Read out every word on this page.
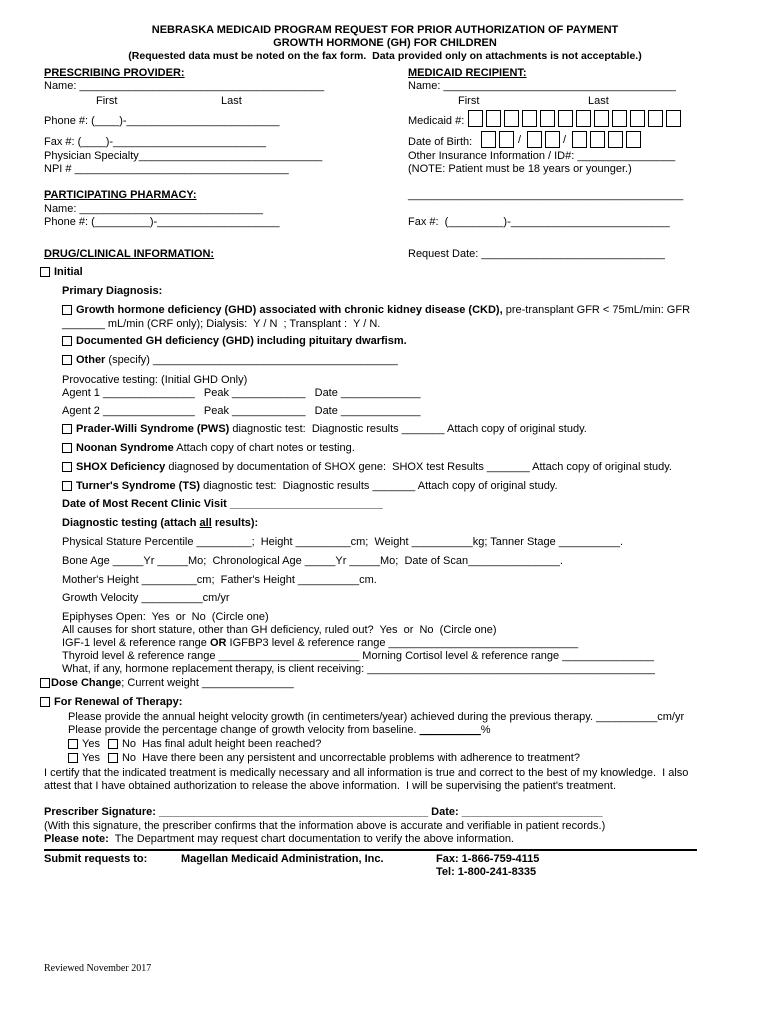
NEBRASKA MEDICAID PROGRAM REQUEST FOR PRIOR AUTHORIZATION OF PAYMENT
GROWTH HORMONE (GH) FOR CHILDREN
(Requested data must be noted on the fax form.  Data provided only on attachments is not acceptable.)
PRESCRIBING PROVIDER:
Name: ________________________________________
First	Last
Phone #: (____)-_________________________
Fax #: (____)-_________________________
Physician Specialty______________________________
NPI # ___________________________________
MEDICAID RECIPIENT:
Name: ______________________________________
First	Last
Medicaid #:
Date of Birth:	/	/
Other Insurance Information / ID#: ________________
(NOTE: Patient must be 18 years or younger.)
PARTICIPATING PHARMACY:	_____________________________________________
Name: ______________________________
Phone #: (_________)-____________________	Fax #:  (_________)-__________________________
DRUG/CLINICAL INFORMATION:	Request Date: ______________________________
Initial
Primary Diagnosis:
Growth hormone deficiency (GHD) associated with chronic kidney disease (CKD), pre-transplant GFR < 75mL/min: GFR
_______ mL/min (CRF only); Dialysis:  Y / N  ; Transplant :  Y / N.
Documented GH deficiency (GHD) including pituitary dwarfism.
Other (specify) ________________________________________
Provocative testing: (Initial GHD Only)
Agent 1 _______________   Peak ____________   Date _____________
Agent 2 _______________   Peak ____________   Date _____________
Prader-Willi Syndrome (PWS) diagnostic test:  Diagnostic results _______ Attach copy of original study.
Noonan Syndrome Attach copy of chart notes or testing.
SHOX Deficiency diagnosed by documentation of SHOX gene:  SHOX test Results _______ Attach copy of original study.
Turner's Syndrome (TS) diagnostic test:  Diagnostic results _______ Attach copy of original study.
Date of Most Recent Clinic Visit _________________________
Diagnostic testing (attach all results):
Physical Stature Percentile _________;  Height _________cm;  Weight __________kg; Tanner Stage __________.
Bone Age _____Yr _____Mo;  Chronological Age _____Yr _____Mo;  Date of Scan_______________.
Mother's Height _________cm;  Father's Height __________cm.
Growth Velocity __________cm/yr
Epiphyses Open:  Yes  or  No  (Circle one)
All causes for short stature, other than GH deficiency, ruled out?  Yes  or  No  (Circle one)
IGF-1 level & reference range OR IGFBP3 level & reference range _______________________________
Thyroid level & reference range _______________________ Morning Cortisol level & reference range _______________
What, if any, hormone replacement therapy, is client receiving: _______________________________________________
Dose Change; Current weight _______________
For Renewal of Therapy:
Please provide the annual height velocity growth (in centimeters/year) achieved during the previous therapy. __________cm/yr
Please provide the percentage change of growth velocity from baseline. __________%
Yes No  Has final adult height been reached?
Yes No  Have there been any persistent and uncorrectable problems with adherence to treatment?
I certify that the indicated treatment is medically necessary and all information is true and correct to the best of my knowledge.  I also
attest that I have obtained authorization to release the above information.  I will be supervising the patient's treatment.
Prescriber Signature: ____________________________________________ Date: _______________________
(With this signature, the prescriber confirms that the information above is accurate and verifiable in patient records.)
Please note:  The Department may request chart documentation to verify the above information.
Submit requests to:	Magellan Medicaid Administration, Inc.	Fax: 1-866-759-4115
Tel: 1-800-241-8335
Reviewed November 2017
